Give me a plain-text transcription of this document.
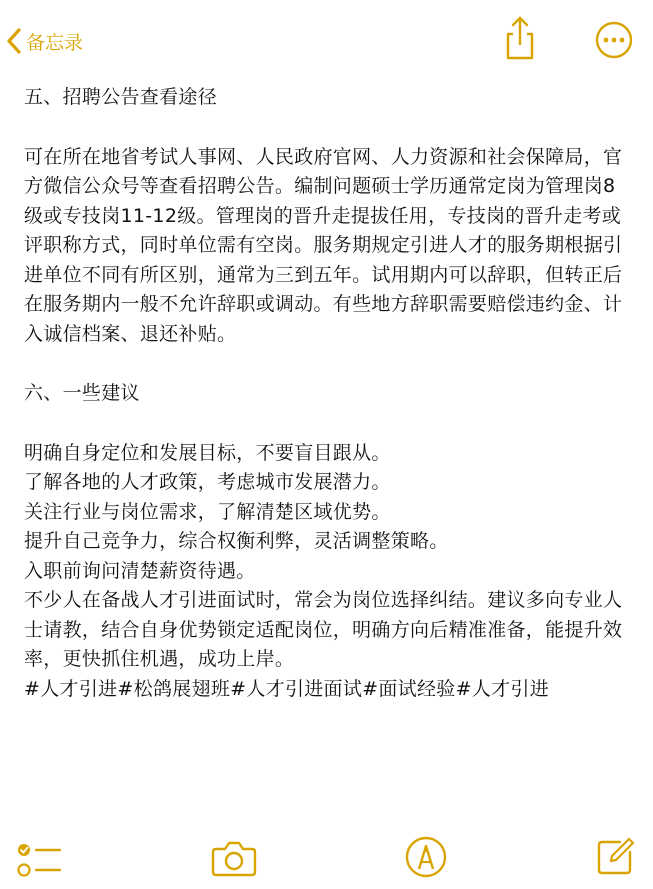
备忘录

五、招聘公告查看途径

可在所在地省考试人事网、人民政府官网、人力资源和社会保障局，官方微信公众号等查看招聘公告。编制问题硕士学历通常定岗为管理岗8级或专技岗11-12级。管理岗的晋升走提拔任用，专技岗的晋升走考或评职称方式，同时单位需有空岗。服务期规定引进人才的服务期根据引进单位不同有所区别，通常为三到五年。试用期内可以辞职，但转正后在服务期内一般不允许辞职或调动。有些地方辞职需要赔偿违约金、计入诚信档案、退还补贴。

六、一些建议

明确自身定位和发展目标，不要盲目跟从。

了解各地的人才政策，考虑城市发展潜力。

关注行业与岗位需求，了解清楚区域优势。

提升自己竞争力，综合权衡利弊，灵活调整策略。

入职前询问清楚薪资待遇。

不少人在备战人才引进面试时，常会为岗位选择纠结。建议多向专业人士请教，结合自身优势锁定适配岗位，明确方向后精准准备，能提升效率，更快抓住机遇，成功上岸。

#人才引进#松鸽展翅班#人才引进面试#面试经验#人才引进
